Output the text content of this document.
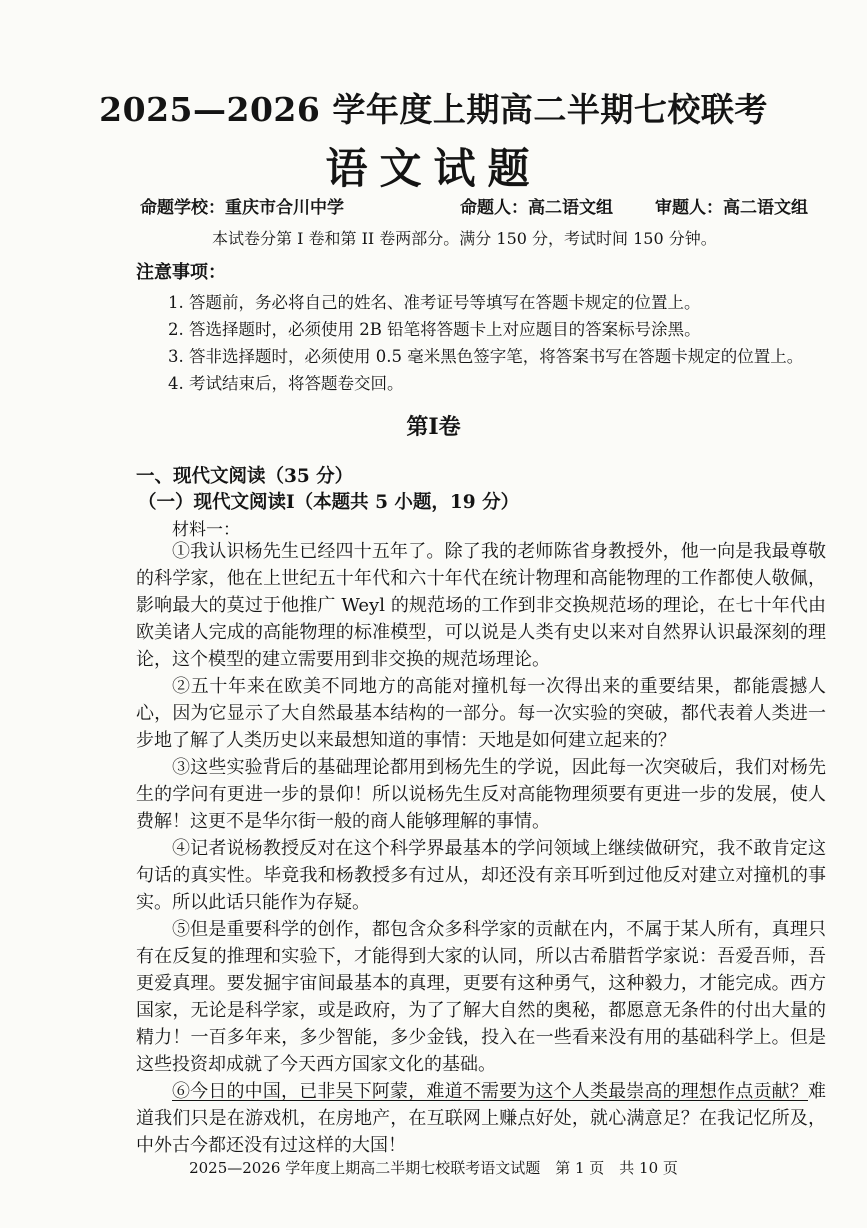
2025—2026 学年度上期高二半期七校联考
语文试题
命题学校：重庆市合川中学	命题人：高二语文组 审题人：高二语文组
本试卷分第 I 卷和第 II 卷两部分。满分 150 分，考试时间 150 分钟。
注意事项：
1. 答题前，务必将自己的姓名、准考证号等填写在答题卡规定的位置上。
2. 答选择题时，必须使用 2B 铅笔将答题卡上对应题目的答案标号涂黑。
3. 答非选择题时，必须使用 0.5 毫米黑色签字笔，将答案书写在答题卡规定的位置上。
4. 考试结束后，将答题卷交回。
第Ⅰ卷
一、现代文阅读（35 分）
（一）现代文阅读Ⅰ（本题共 5 小题，19 分）
材料一：

①我认识杨先生已经四十五年了。除了我的老师陈省身教授外，他一向是我最尊敬的科学家，他在上世纪五十年代和六十年代在统计物理和高能物理的工作都使人敬佩，影响最大的莫过于他推广 Weyl 的规范场的工作到非交换规范场的理论，在七十年代由欧美诸人完成的高能物理的标准模型，可以说是人类有史以来对自然界认识最深刻的理论，这个模型的建立需要用到非交换的规范场理论。

②五十年来在欧美不同地方的高能对撞机每一次得出来的重要结果，都能震撼人心，因为它显示了大自然最基本结构的一部分。每一次实验的突破，都代表着人类进一步地了解了人类历史以来最想知道的事情：天地是如何建立起来的？

③这些实验背后的基础理论都用到杨先生的学说，因此每一次突破后，我们对杨先生的学问有更进一步的景仰！所以说杨先生反对高能物理须要有更进一步的发展，使人费解！这更不是华尔街一般的商人能够理解的事情。

④记者说杨教授反对在这个科学界最基本的学问领域上继续做研究，我不敢肯定这句话的真实性。毕竟我和杨教授多有过从，却还没有亲耳听到过他反对建立对撞机的事实。所以此话只能作为存疑。

⑤但是重要科学的创作，都包含众多科学家的贡献在内，不属于某人所有，真理只有在反复的推理和实验下，才能得到大家的认同，所以古希腊哲学家说：吾爱吾师，吾更爱真理。要发掘宇宙间最基本的真理，更要有这种勇气，这种毅力，才能完成。西方国家，无论是科学家，或是政府，为了了解大自然的奥秘，都愿意无条件的付出大量的精力！一百多年来，多少智能，多少金钱，投入在一些看来没有用的基础科学上。但是这些投资却成就了今天西方国家文化的基础。

⑥今日的中国，已非吴下阿蒙，难道不需要为这个人类最崇高的理想作点贡献？难道我们只是在游戏机，在房地产，在互联网上赚点好处，就心满意足？在我记忆所及，中外古今都还没有过这样的大国！

2025—2026 学年度上期高二半期七校联考语文试题　第 1 页　共 10 页
